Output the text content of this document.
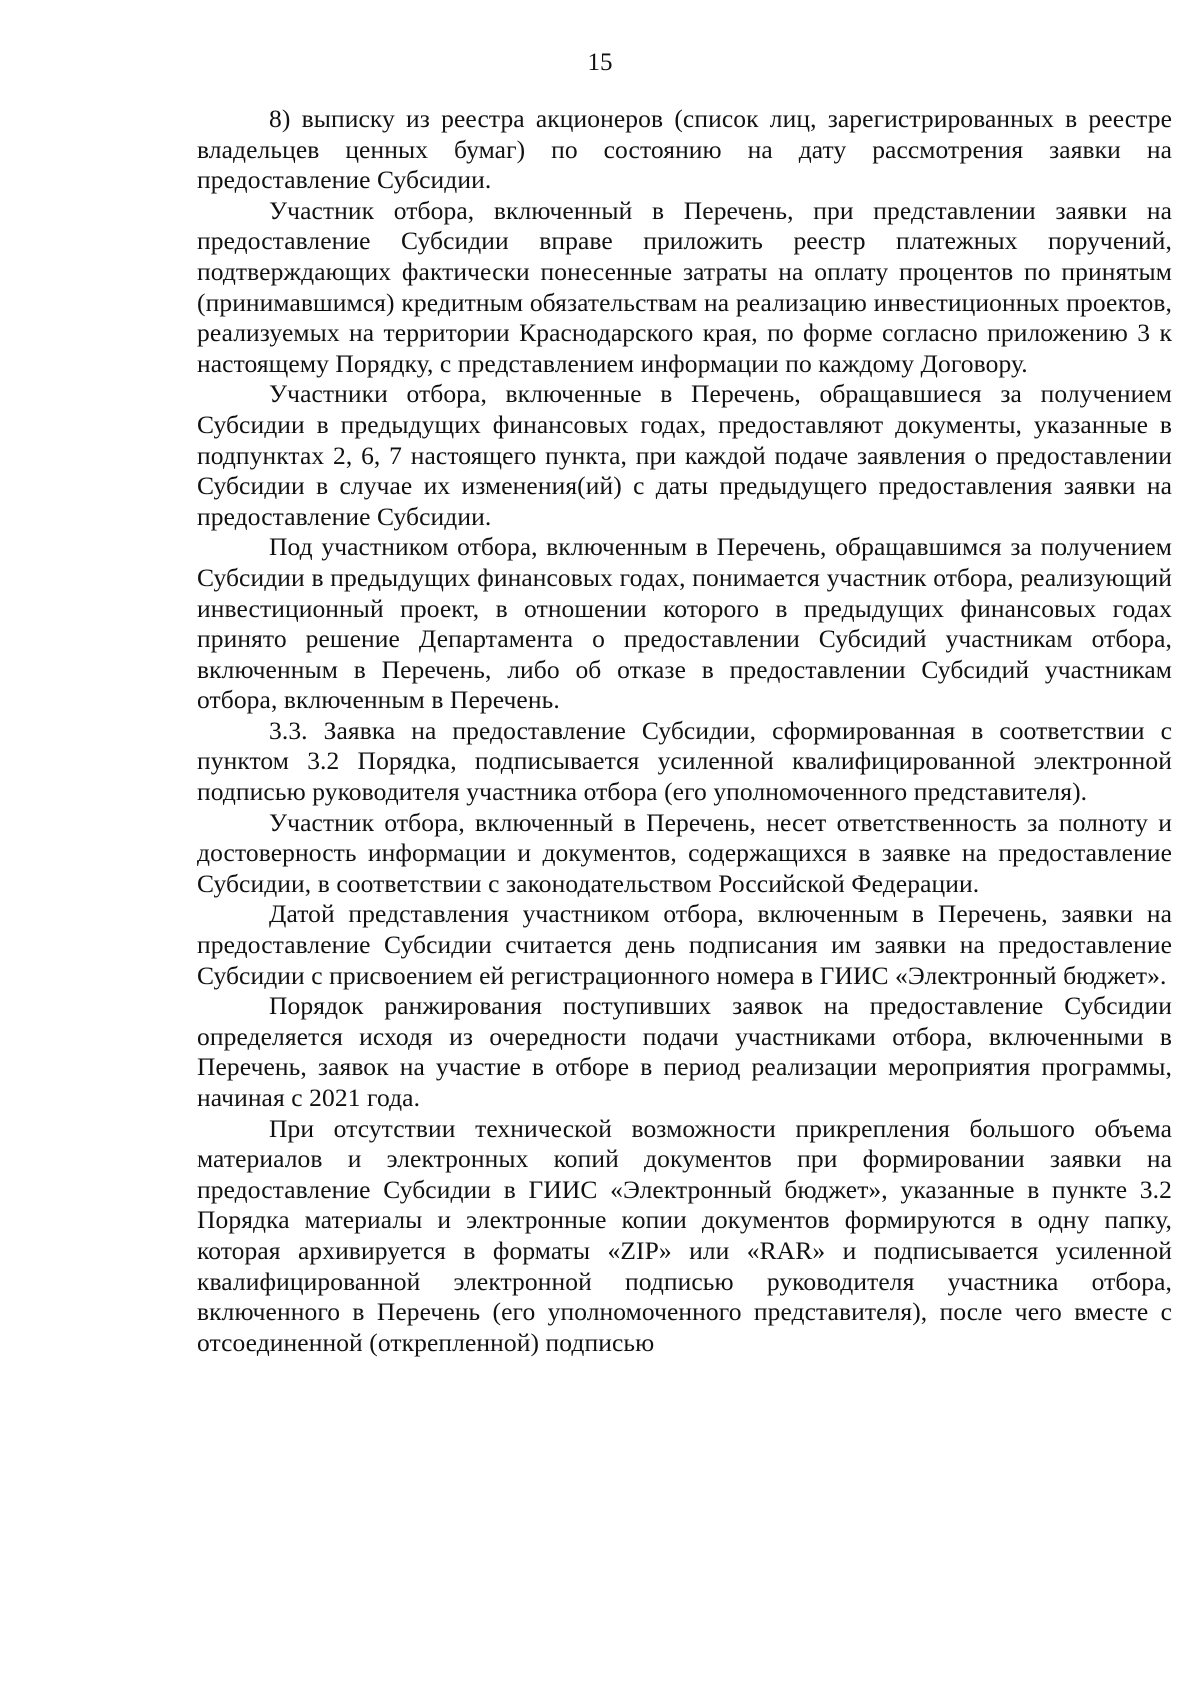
15

8) выписку из реестра акционеров (список лиц, зарегистрированных в реестре владельцев ценных бумаг) по состоянию на дату рассмотрения заявки на предоставление Субсидии.

Участник отбора, включенный в Перечень, при представлении заявки на предоставление Субсидии вправе приложить реестр платежных поручений, подтверждающих фактически понесенные затраты на оплату процентов по принятым (принимавшимся) кредитным обязательствам на реализацию инвестиционных проектов, реализуемых на территории Краснодарского края, по форме согласно приложению 3 к настоящему Порядку, с представлением информации по каждому Договору.

Участники отбора, включенные в Перечень, обращавшиеся за получением Субсидии в предыдущих финансовых годах, предоставляют документы, указанные в подпунктах 2, 6, 7 настоящего пункта, при каждой подаче заявления о предоставлении Субсидии в случае их изменения(ий) с даты предыдущего предоставления заявки на предоставление Субсидии.

Под участником отбора, включенным в Перечень, обращавшимся за получением Субсидии в предыдущих финансовых годах, понимается участник отбора, реализующий инвестиционный проект, в отношении которого в предыдущих финансовых годах принято решение Департамента о предоставлении Субсидий участникам отбора, включенным в Перечень, либо об отказе в предоставлении Субсидий участникам отбора, включенным в Перечень.

3.3. Заявка на предоставление Субсидии, сформированная в соответствии с пунктом 3.2 Порядка, подписывается усиленной квалифицированной электронной подписью руководителя участника отбора (его уполномоченного представителя).

Участник отбора, включенный в Перечень, несет ответственность за полноту и достоверность информации и документов, содержащихся в заявке на предоставление Субсидии, в соответствии с законодательством Российской Федерации.

Датой представления участником отбора, включенным в Перечень, заявки на предоставление Субсидии считается день подписания им заявки на предоставление Субсидии с присвоением ей регистрационного номера в ГИИС «Электронный бюджет».

Порядок ранжирования поступивших заявок на предоставление Субсидии определяется исходя из очередности подачи участниками отбора, включенными в Перечень, заявок на участие в отборе в период реализации мероприятия программы, начиная с 2021 года.

При отсутствии технической возможности прикрепления большого объема материалов и электронных копий документов при формировании заявки на предоставление Субсидии в ГИИС «Электронный бюджет», указанные в пункте 3.2 Порядка материалы и электронные копии документов формируются в одну папку, которая архивируется в форматы «ZIP» или «RAR» и подписывается усиленной квалифицированной электронной подписью руководителя участника отбора, включенного в Перечень (его уполномоченного представителя), после чего вместе с отсоединенной (открепленной) подписью
